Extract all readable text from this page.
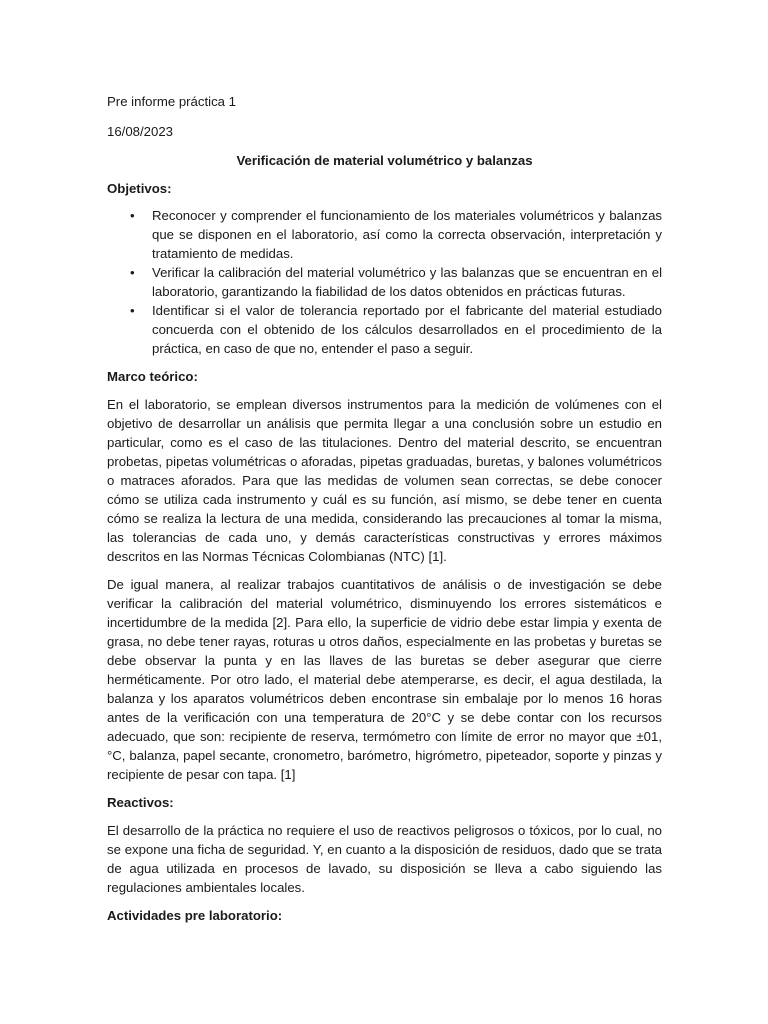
Pre informe práctica 1

16/08/2023

Verificación de material volumétrico y balanzas

Objetivos:

• Reconocer y comprender el funcionamiento de los materiales volumétricos y balanzas que se disponen en el laboratorio, así como la correcta observación, interpretación y tratamiento de medidas.
• Verificar la calibración del material volumétrico y las balanzas que se encuentran en el laboratorio, garantizando la fiabilidad de los datos obtenidos en prácticas futuras.
• Identificar si el valor de tolerancia reportado por el fabricante del material estudiado concuerda con el obtenido de los cálculos desarrollados en el procedimiento de la práctica, en caso de que no, entender el paso a seguir.

Marco teórico:

En el laboratorio, se emplean diversos instrumentos para la medición de volúmenes con el objetivo de desarrollar un análisis que permita llegar a una conclusión sobre un estudio en particular, como es el caso de las titulaciones. Dentro del material descrito, se encuentran probetas, pipetas volumétricas o aforadas, pipetas graduadas, buretas, y balones volumétricos o matraces aforados. Para que las medidas de volumen sean correctas, se debe conocer cómo se utiliza cada instrumento y cuál es su función, así mismo, se debe tener en cuenta cómo se realiza la lectura de una medida, considerando las precauciones al tomar la misma, las tolerancias de cada uno, y demás características constructivas y errores máximos descritos en las Normas Técnicas Colombianas (NTC) [1].

De igual manera, al realizar trabajos cuantitativos de análisis o de investigación se debe verificar la calibración del material volumétrico, disminuyendo los errores sistemáticos e incertidumbre de la medida [2]. Para ello, la superficie de vidrio debe estar limpia y exenta de grasa, no debe tener rayas, roturas u otros daños, especialmente en las probetas y buretas se debe observar la punta y en las llaves de las buretas se deber asegurar que cierre herméticamente. Por otro lado, el material debe atemperarse, es decir, el agua destilada, la balanza y los aparatos volumétricos deben encontrase sin embalaje por lo menos 16 horas antes de la verificación con una temperatura de 20°C y se debe contar con los recursos adecuado, que son: recipiente de reserva, termómetro con límite de error no mayor que ±01, °C, balanza, papel secante, cronometro, barómetro, higrómetro, pipeteador, soporte y pinzas y recipiente de pesar con tapa. [1]

Reactivos:

El desarrollo de la práctica no requiere el uso de reactivos peligrosos o tóxicos, por lo cual, no se expone una ficha de seguridad. Y, en cuanto a la disposición de residuos, dado que se trata de agua utilizada en procesos de lavado, su disposición se lleva a cabo siguiendo las regulaciones ambientales locales.

Actividades pre laboratorio:
